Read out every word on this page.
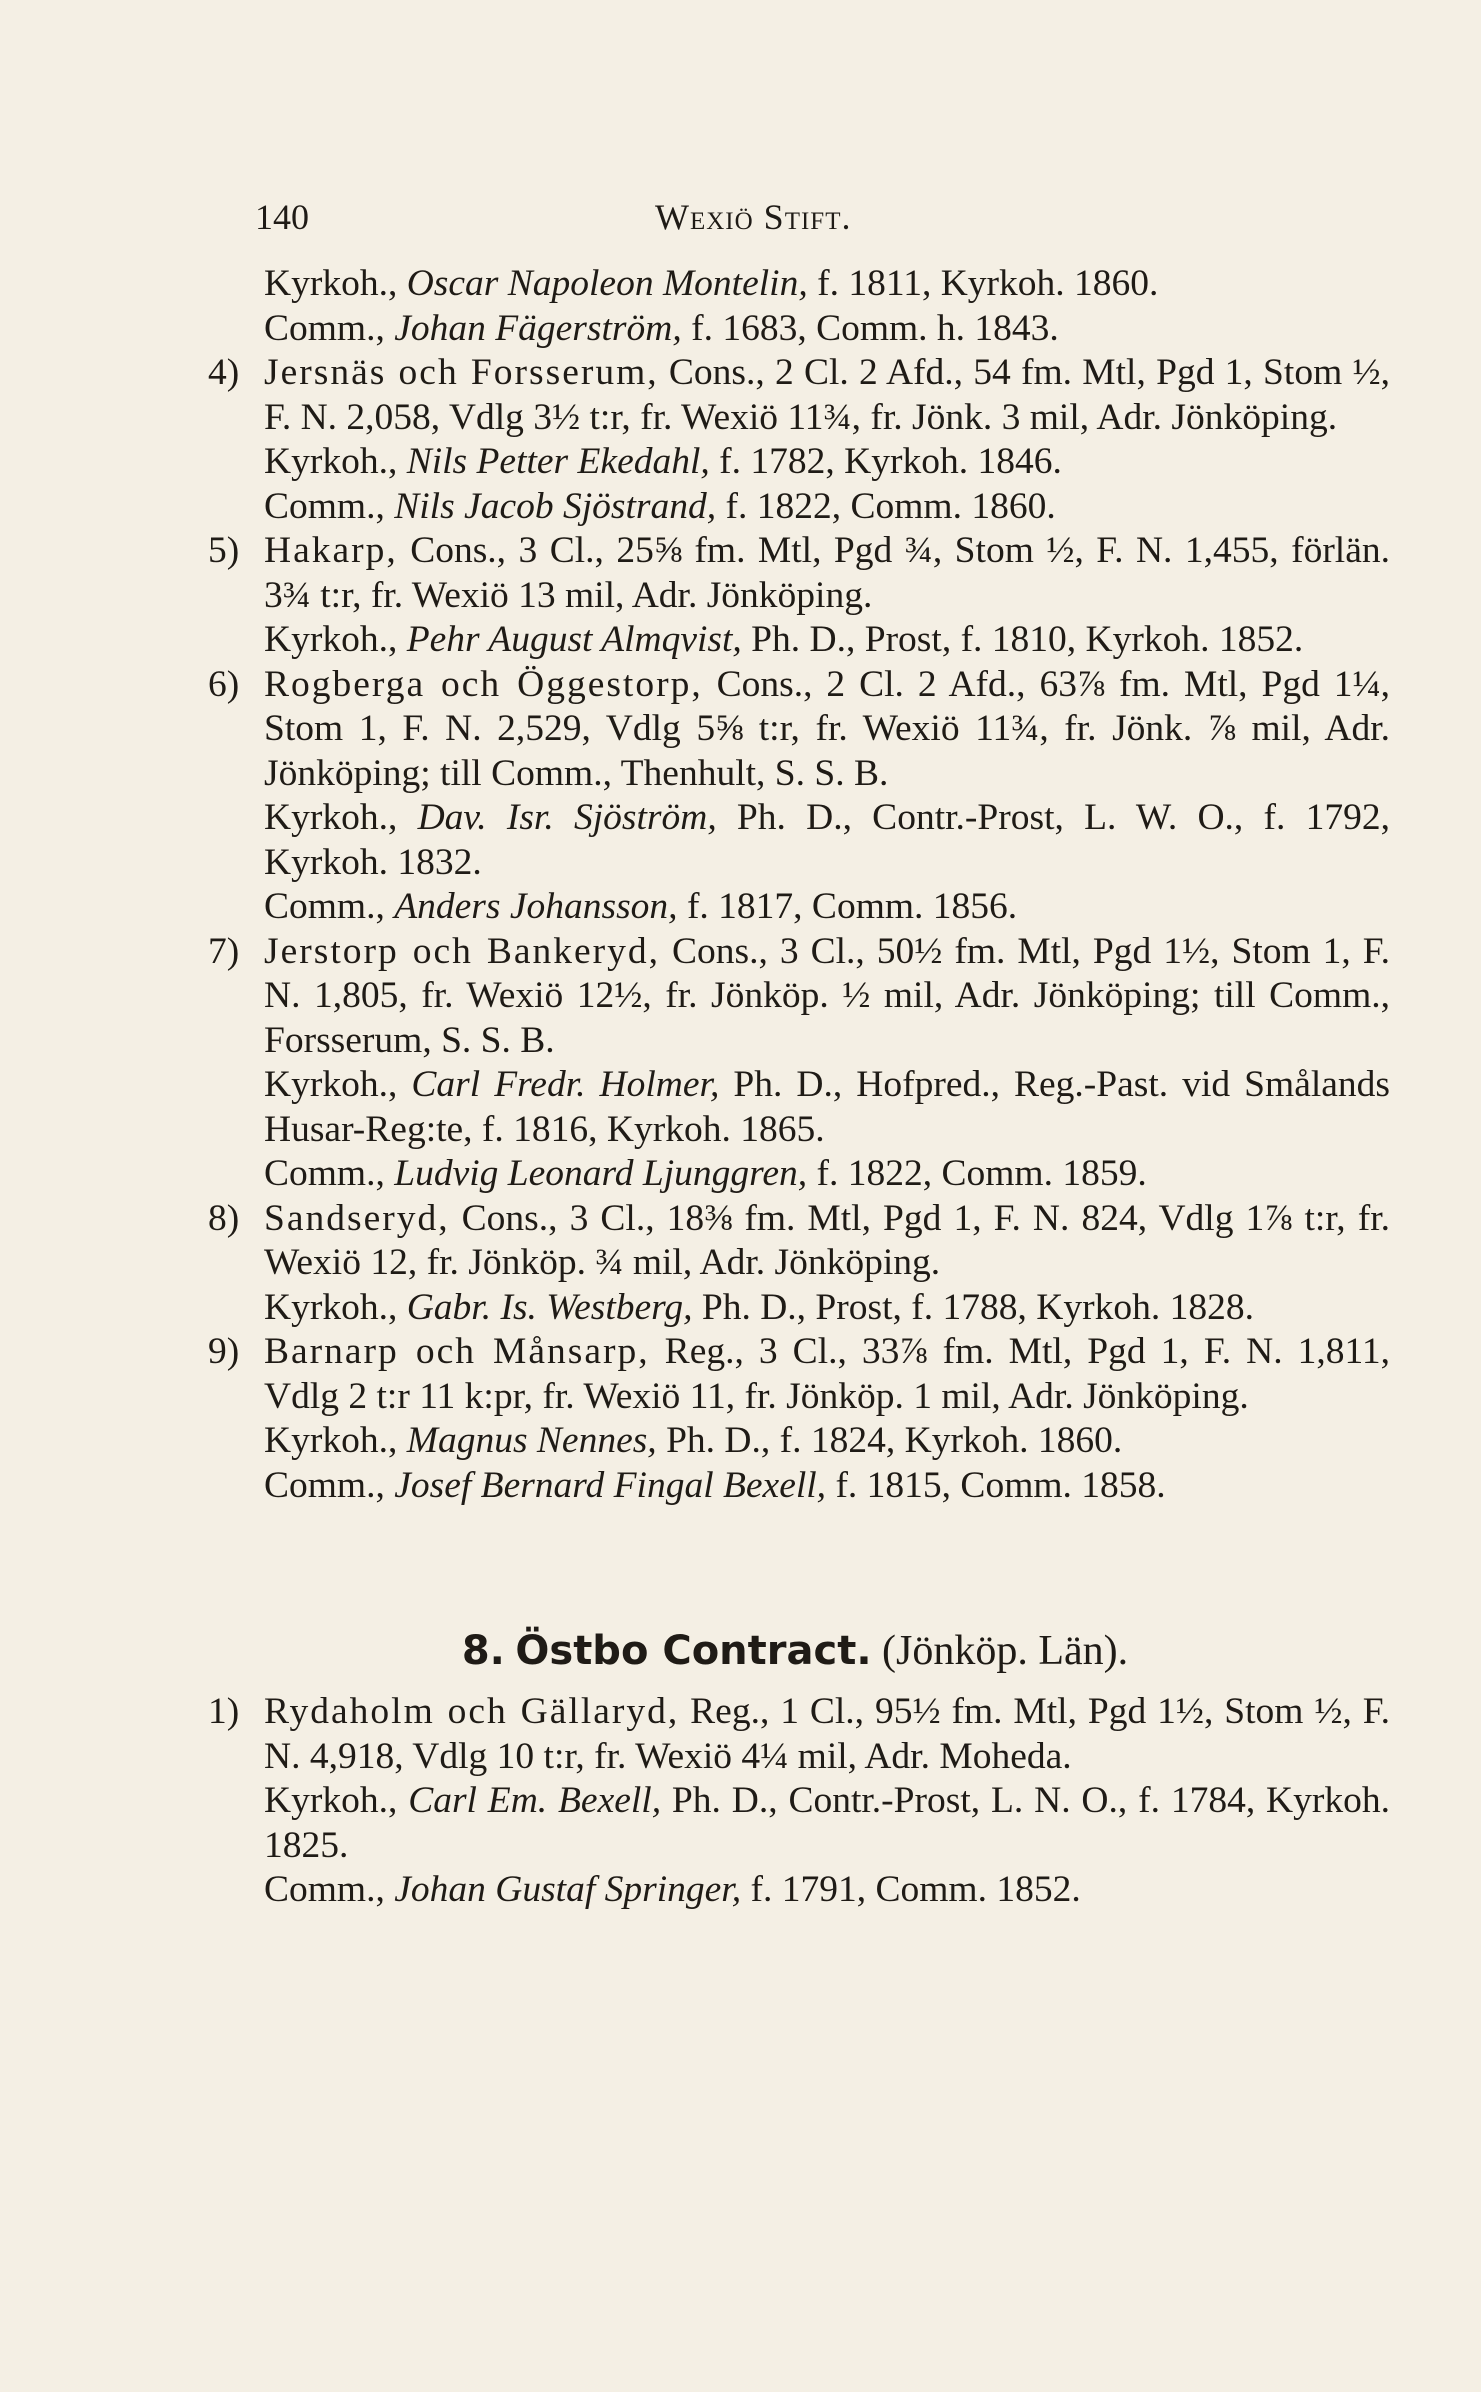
140	Wexiö Stift.
Kyrkoh., Oscar Napoleon Montelin, f. 1811, Kyrkoh. 1860.
Comm., Johan Fägerström, f. 1683, Comm. h. 1843.
4) Jersnäs och Forsserum, Cons., 2 Cl. 2 Afd., 54 fm. Mtl, Pgd 1, Stom ½, F. N. 2,058, Vdlg 3½ t:r, fr. Wexiö 11¾, fr. Jönk. 3 mil, Adr. Jönköping.
Kyrkoh., Nils Petter Ekedahl, f. 1782, Kyrkoh. 1846.
Comm., Nils Jacob Sjöstrand, f. 1822, Comm. 1860.
5) Hakarp, Cons., 3 Cl., 25⅝ fm. Mtl, Pgd ¾, Stom ½, F. N. 1,455, förlän. 3¾ t:r, fr. Wexiö 13 mil, Adr. Jönköping.
Kyrkoh., Pehr August Almqvist, Ph. D., Prost, f. 1810, Kyrkoh. 1852.
6) Rogberga och Öggestorp, Cons., 2 Cl. 2 Afd., 63⅞ fm. Mtl, Pgd 1¼, Stom 1, F. N. 2,529, Vdlg 5⅝ t:r, fr. Wexiö 11¾, fr. Jönk. ⅞ mil, Adr. Jönköping; till Comm., Thenhult, S. S. B.
Kyrkoh., Dav. Isr. Sjöström, Ph. D., Contr.-Prost, L. W. O., f. 1792, Kyrkoh. 1832.
Comm., Anders Johansson, f. 1817, Comm. 1856.
7) Jerstorp och Bankeryd, Cons., 3 Cl., 50½ fm. Mtl, Pgd 1½, Stom 1, F. N. 1,805, fr. Wexiö 12½, fr. Jönköp. ½ mil, Adr. Jönköping; till Comm., Forsserum, S. S. B.
Kyrkoh., Carl Fredr. Holmer, Ph. D., Hofpred., Reg.-Past. vid Smålands Husar-Reg:te, f. 1816, Kyrkoh. 1865.
Comm., Ludvig Leonard Ljunggren, f. 1822, Comm. 1859.
8) Sandseryd, Cons., 3 Cl., 18⅜ fm. Mtl, Pgd 1, F. N. 824, Vdlg 1⅞ t:r, fr. Wexiö 12, fr. Jönköp. ¾ mil, Adr. Jönköping.
Kyrkoh., Gabr. Is. Westberg, Ph. D., Prost, f. 1788, Kyrkoh. 1828.
9) Barnarp och Månsarp, Reg., 3 Cl., 33⅞ fm. Mtl, Pgd 1, F. N. 1,811, Vdlg 2 t:r 11 k:pr, fr. Wexiö 11, fr. Jönköp. 1 mil, Adr. Jönköping.
Kyrkoh., Magnus Nennes, Ph. D., f. 1824, Kyrkoh. 1860.
Comm., Josef Bernard Fingal Bexell, f. 1815, Comm. 1858.
8. Östbo Contract. (Jönköp. Län).
1) Rydaholm och Gällaryd, Reg., 1 Cl., 95½ fm. Mtl, Pgd 1½, Stom ½, F. N. 4,918, Vdlg 10 t:r, fr. Wexiö 4¼ mil, Adr. Moheda.
Kyrkoh., Carl Em. Bexell, Ph. D., Contr.-Prost, L. N. O., f. 1784, Kyrkoh. 1825.
Comm., Johan Gustaf Springer, f. 1791, Comm. 1852.
